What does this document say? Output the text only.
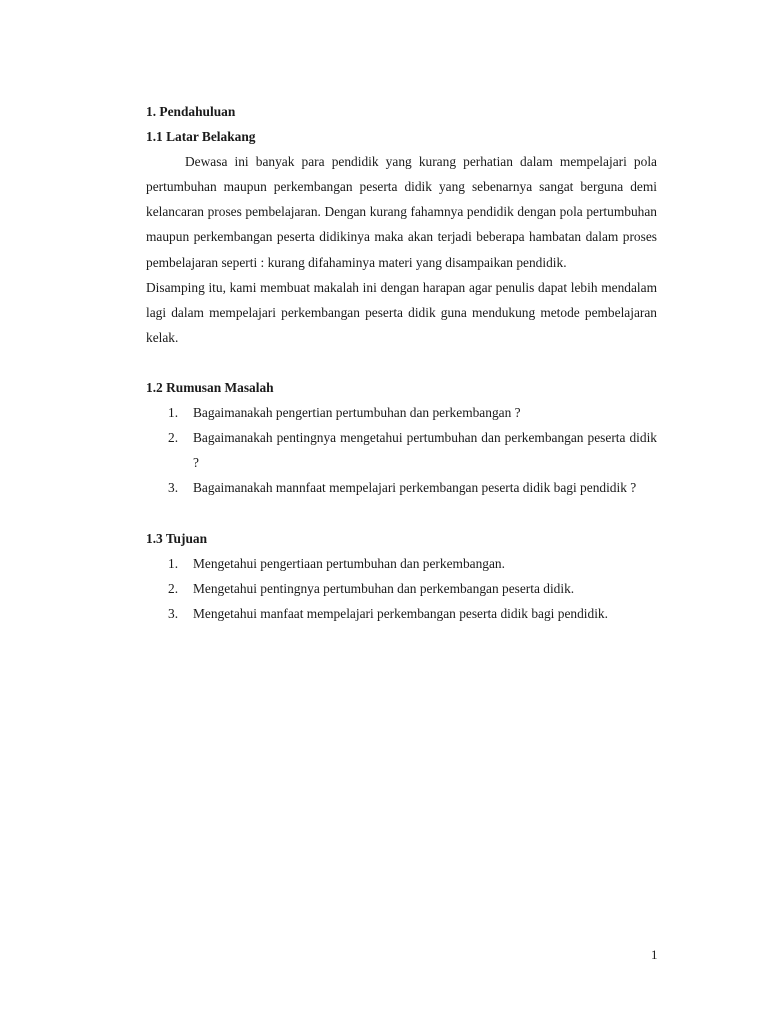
1. Pendahuluan

1.1 Latar Belakang

Dewasa ini banyak para pendidik yang kurang perhatian dalam mempelajari pola pertumbuhan maupun perkembangan peserta didik yang sebenarnya sangat berguna demi kelancaran proses pembelajaran. Dengan kurang fahamnya pendidik dengan pola pertumbuhan maupun perkembangan peserta didikinya maka akan terjadi beberapa hambatan dalam proses pembelajaran seperti : kurang difahaminya materi yang disampaikan pendidik.

Disamping itu, kami membuat makalah ini dengan harapan agar penulis dapat lebih mendalam lagi dalam mempelajari perkembangan peserta didik guna mendukung metode pembelajaran kelak.

1.2 Rumusan Masalah

1. Bagaimanakah pengertian pertumbuhan dan perkembangan ?
2. Bagaimanakah pentingnya mengetahui pertumbuhan dan perkembangan peserta didik ?
3. Bagaimanakah mannfaat mempelajari perkembangan peserta didik bagi pendidik ?

1.3 Tujuan

1. Mengetahui pengertiaan pertumbuhan dan perkembangan.
2. Mengetahui pentingnya pertumbuhan dan perkembangan peserta didik.
3. Mengetahui manfaat mempelajari perkembangan peserta didik bagi pendidik.
1
